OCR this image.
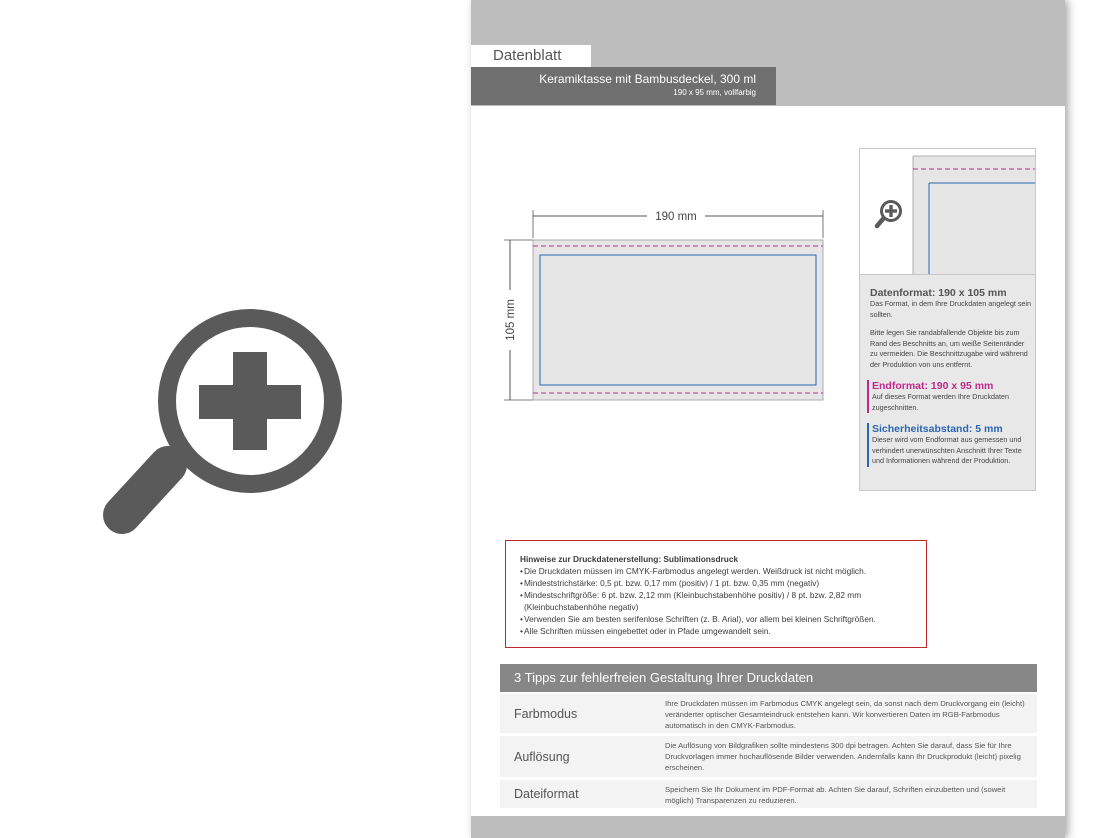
Datenblatt
Keramiktasse mit Bambusdeckel, 300 ml
190 x 95 mm, vollfarbig
190 mm
105 mm

Datenformat: 190 x 105 mm

Das Format, in dem Ihre Druckdaten angelegt sein sollten.

Bitte legen Sie randabfallende Objekte bis zum Rand des Beschnitts an, um weiße Seitenränder zu vermeiden. Die Beschnittzugabe wird während der Produktion von uns entfernt.

Endformat: 190 x 95 mm

Auf dieses Format werden Ihre Druckdaten zugeschnitten.

Sicherheitsabstand: 5 mm

Dieser wird vom Endformat aus gemessen und verhindert unerwünschten Anschnitt Ihrer Texte und Informationen während der Produktion.

Hinweise zur Druckdatenerstellung: Sublimationsdruck

• Die Druckdaten müssen im CMYK-Farbmodus angelegt werden. Weißdruck ist nicht möglich.
• Mindeststrichstärke: 0,5 pt. bzw. 0,17 mm (positiv) / 1 pt. bzw. 0,35 mm (negativ)
• Mindestschriftgröße: 6 pt. bzw. 2,12 mm (Kleinbuchstabenhöhe positiv) / 8 pt. bzw. 2,82 mm (Kleinbuchstabenhöhe negativ)
• Verwenden Sie am besten serifenlose Schriften (z. B. Arial), vor allem bei kleinen Schriftgrößen.
• Alle Schriften müssen eingebettet oder in Pfade umgewandelt sein.
3 Tipps zur fehlerfreien Gestaltung Ihrer Druckdaten
Farbmodus

Ihre Druckdaten müssen im Farbmodus CMYK angelegt sein, da sonst nach dem Druckvorgang ein (leicht) veränderter optischer Gesamteindruck entstehen kann. Wir konvertieren Daten im RGB-Farbmodus automatisch in den CMYK-Farbmodus.

Auflösung

Die Auflösung von Bildgrafiken sollte mindestens 300 dpi betragen. Achten Sie darauf, dass Sie für Ihre Druckvorlagen immer hochauflösende Bilder verwenden. Andernfalls kann Ihr Druckprodukt (leicht) pixelig erscheinen.

Dateiformat	Speichern Sie Ihr Dokument im PDF-Format ab. Achten Sie darauf, Schriften einzubetten und (soweit möglich) Transparenzen zu reduzieren.
